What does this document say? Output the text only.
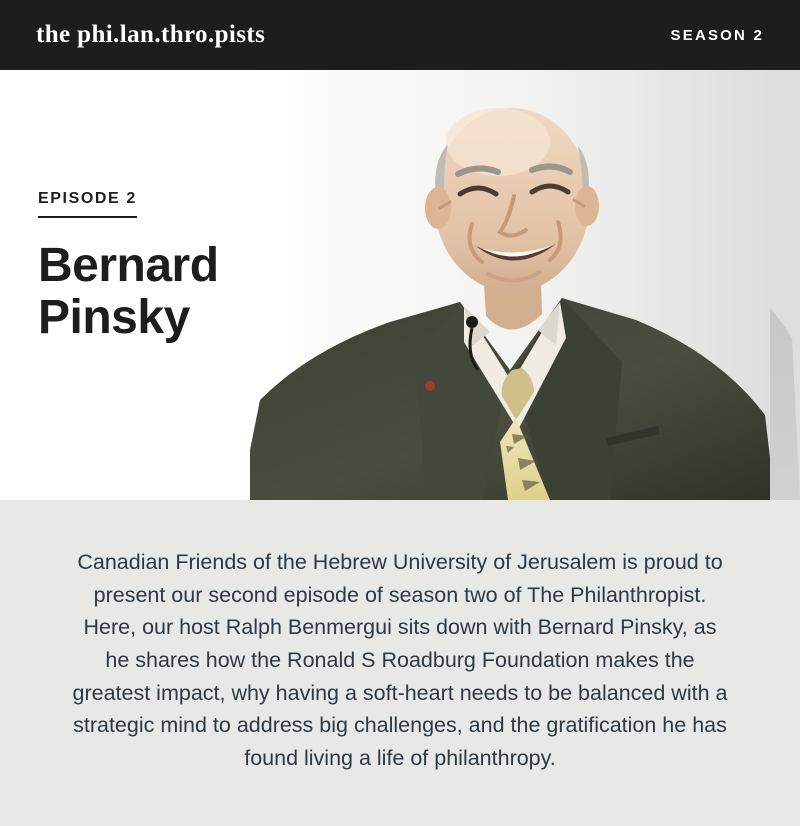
the phi.lan.thro.pists	SEASON 2
EPISODE 2
Bernard
Pinsky
Canadian Friends of the Hebrew University of Jerusalem is proud to present our second episode of season two of The Philanthropist. Here, our host Ralph Benmergui sits down with Bernard Pinsky, as he shares how the Ronald S Roadburg Foundation makes the greatest impact, why having a soft-heart needs to be balanced with a strategic mind to address big challenges, and the gratification he has found living a life of philanthropy.
